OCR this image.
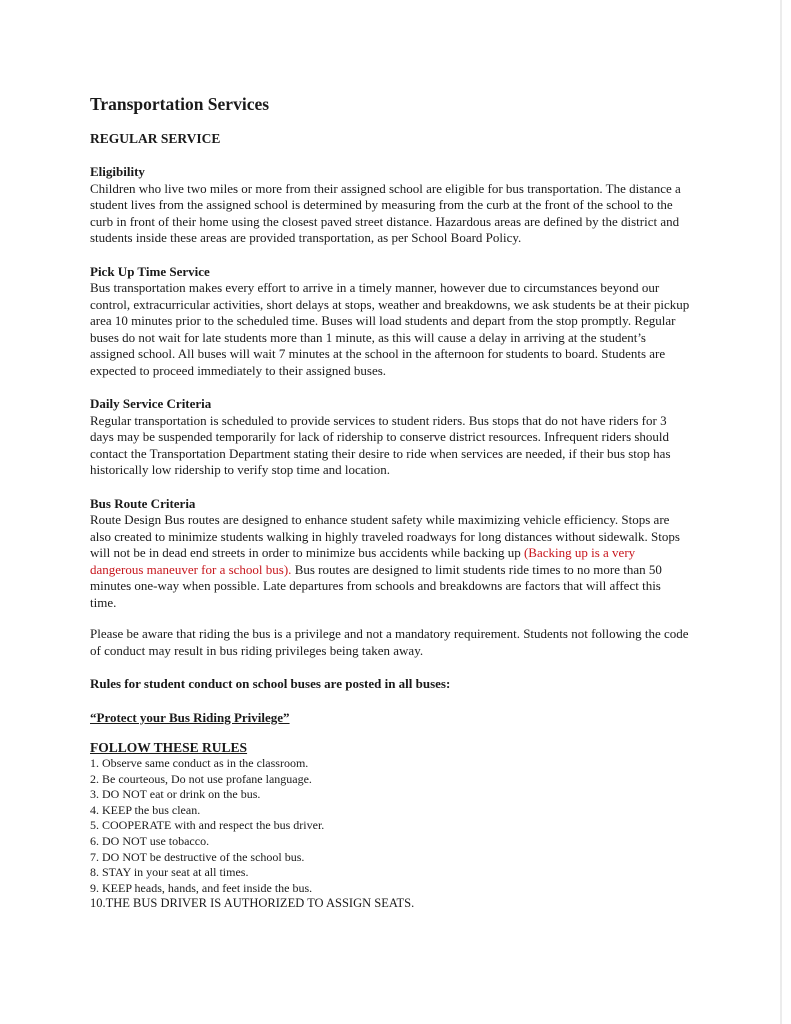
Transportation Services
REGULAR SERVICE
Eligibility

Children who live two miles or more from their assigned school are eligible for bus transportation. The distance a student lives from the assigned school is determined by measuring from the curb at the front of the school to the curb in front of their home using the closest paved street distance. Hazardous areas are defined by the district and students inside these areas are provided transportation, as per School Board Policy.

Pick Up Time Service

Bus transportation makes every effort to arrive in a timely manner, however due to circumstances beyond our control, extracurricular activities, short delays at stops, weather and breakdowns, we ask students be at their pickup area 10 minutes prior to the scheduled time. Buses will load students and depart from the stop promptly. Regular buses do not wait for late students more than 1 minute, as this will cause a delay in arriving at the student’s assigned school. All buses will wait 7 minutes at the school in the afternoon for students to board. Students are expected to proceed immediately to their assigned buses.

Daily Service Criteria

Regular transportation is scheduled to provide services to student riders. Bus stops that do not have riders for 3 days may be suspended temporarily for lack of ridership to conserve district resources. Infrequent riders should contact the Transportation Department stating their desire to ride when services are needed, if their bus stop has historically low ridership to verify stop time and location.

Bus Route Criteria

Route Design Bus routes are designed to enhance student safety while maximizing vehicle efficiency. Stops are also created to minimize students walking in highly traveled roadways for long distances without sidewalk. Stops will not be in dead end streets in order to minimize bus accidents while backing up (Backing up is a very dangerous maneuver for a school bus). Bus routes are designed to limit students ride times to no more than 50 minutes one-way when possible. Late departures from schools and breakdowns are factors that will affect this time.

Please be aware that riding the bus is a privilege and not a mandatory requirement. Students not following the code of conduct may result in bus riding privileges being taken away.

Rules for student conduct on school buses are posted in all buses:

“Protect your Bus Riding Privilege”

FOLLOW THESE RULES
1. Observe same conduct as in the classroom.
2. Be courteous, Do not use profane language.
3. DO NOT eat or drink on the bus.
4. KEEP the bus clean.
5. COOPERATE with and respect the bus driver.
6. DO NOT use tobacco.
7. DO NOT be destructive of the school bus.
8. STAY in your seat at all times.
9. KEEP heads, hands, and feet inside the bus.
10.THE BUS DRIVER IS AUTHORIZED TO ASSIGN SEATS.
